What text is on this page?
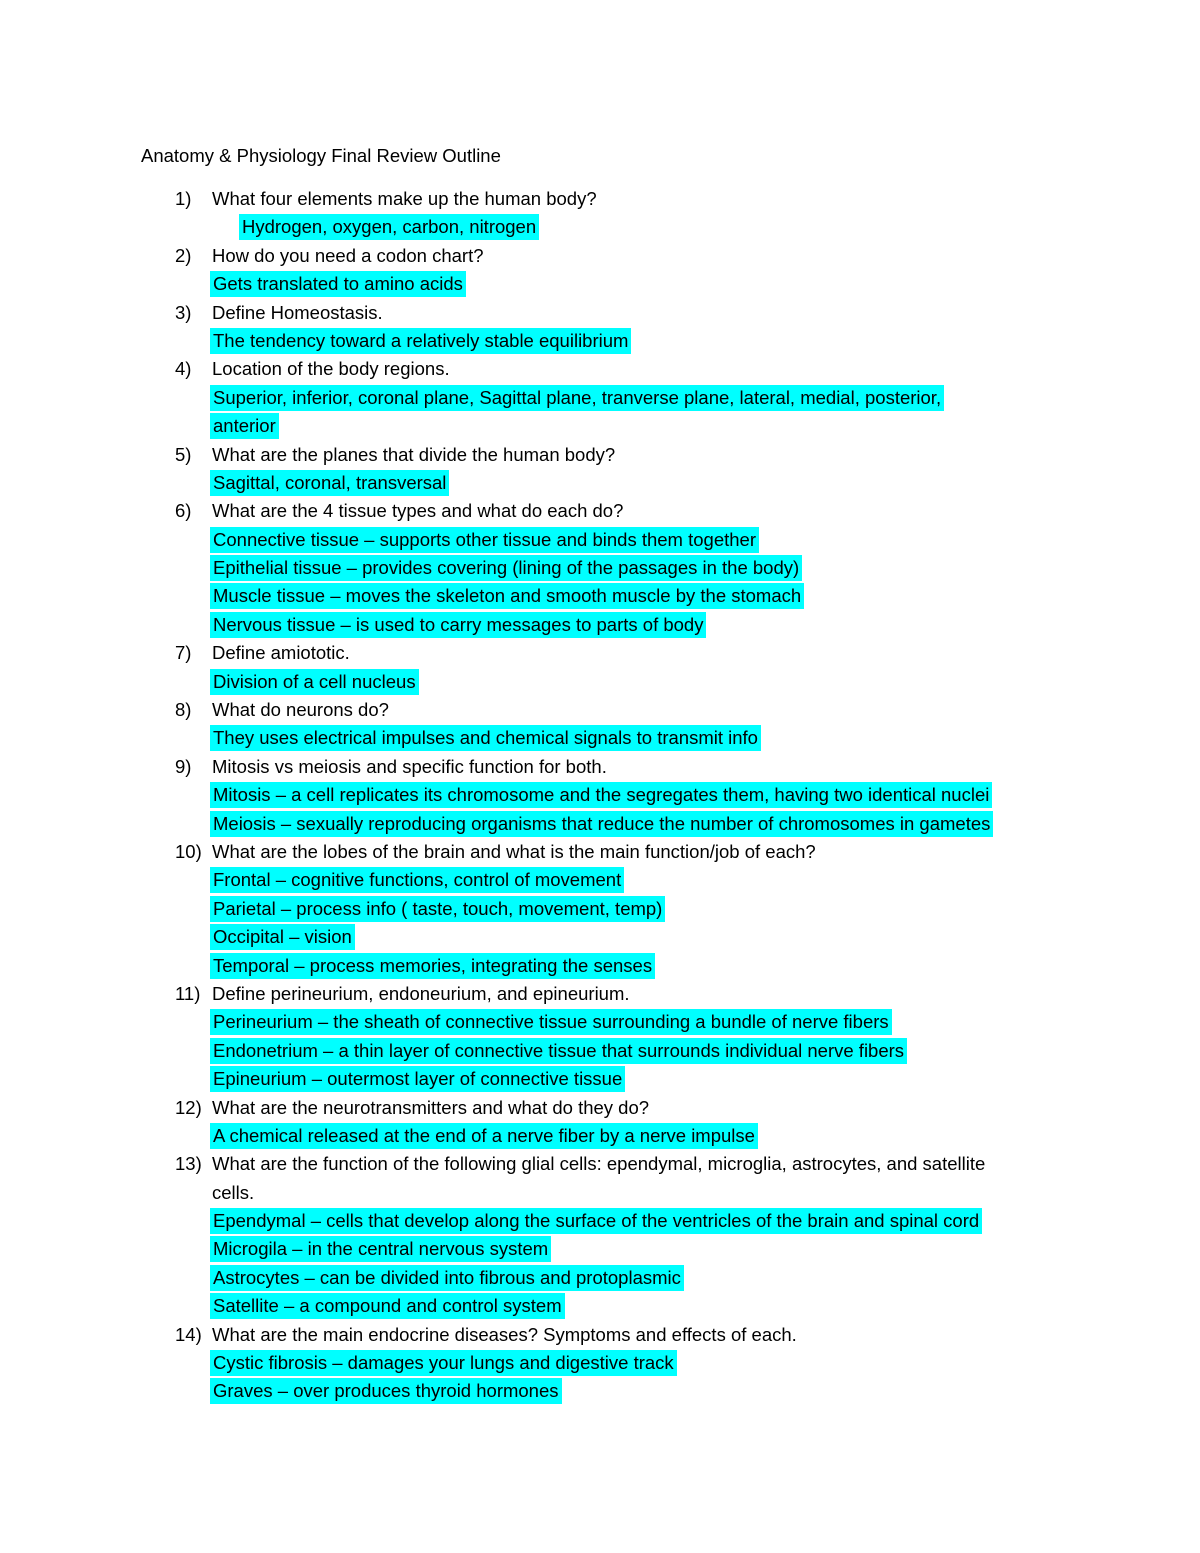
Anatomy & Physiology Final Review Outline
1) What four elements make up the human body?
Hydrogen, oxygen, carbon, nitrogen
2) How do you need a codon chart?
Gets translated to amino acids
3) Define Homeostasis.
The tendency toward a relatively stable equilibrium
4) Location of the body regions.
Superior, inferior, coronal plane, Sagittal plane, tranverse plane, lateral, medial, posterior,
anterior
5) What are the planes that divide the human body?
Sagittal, coronal, transversal
6) What are the 4 tissue types and what do each do?
Connective tissue – supports other tissue and binds them together
Epithelial tissue – provides covering (lining of the passages in the body)
Muscle tissue – moves the skeleton and smooth muscle by the stomach
Nervous tissue – is used to carry messages to parts of body
7) Define amiototic.
Division of a cell nucleus
8) What do neurons do?
They uses electrical impulses and chemical signals to transmit info
9) Mitosis vs meiosis and specific function for both.
Mitosis – a cell replicates its chromosome and the segregates them, having two identical nuclei
Meiosis – sexually reproducing organisms that reduce the number of chromosomes in gametes
10) What are the lobes of the brain and what is the main function/job of each?
Frontal – cognitive functions, control of movement
Parietal – process info ( taste, touch, movement, temp)
Occipital – vision
Temporal – process memories, integrating the senses
11) Define perineurium, endoneurium, and epineurium.
Perineurium – the sheath of connective tissue surrounding a bundle of nerve fibers
Endonetrium – a thin layer of connective tissue that surrounds individual nerve fibers
Epineurium – outermost layer of connective tissue
12) What are the neurotransmitters and what do they do?
A chemical released at the end of a nerve fiber by a nerve impulse
13) What are the function of the following glial cells: ependymal, microglia, astrocytes, and satellite
cells.
Ependymal – cells that develop along the surface of the ventricles of the brain and spinal cord
Microgila – in the central nervous system
Astrocytes – can be divided into fibrous and protoplasmic
Satellite – a compound and control system
14) What are the main endocrine diseases? Symptoms and effects of each.
Cystic fibrosis – damages your lungs and digestive track
Graves – over produces thyroid hormones
